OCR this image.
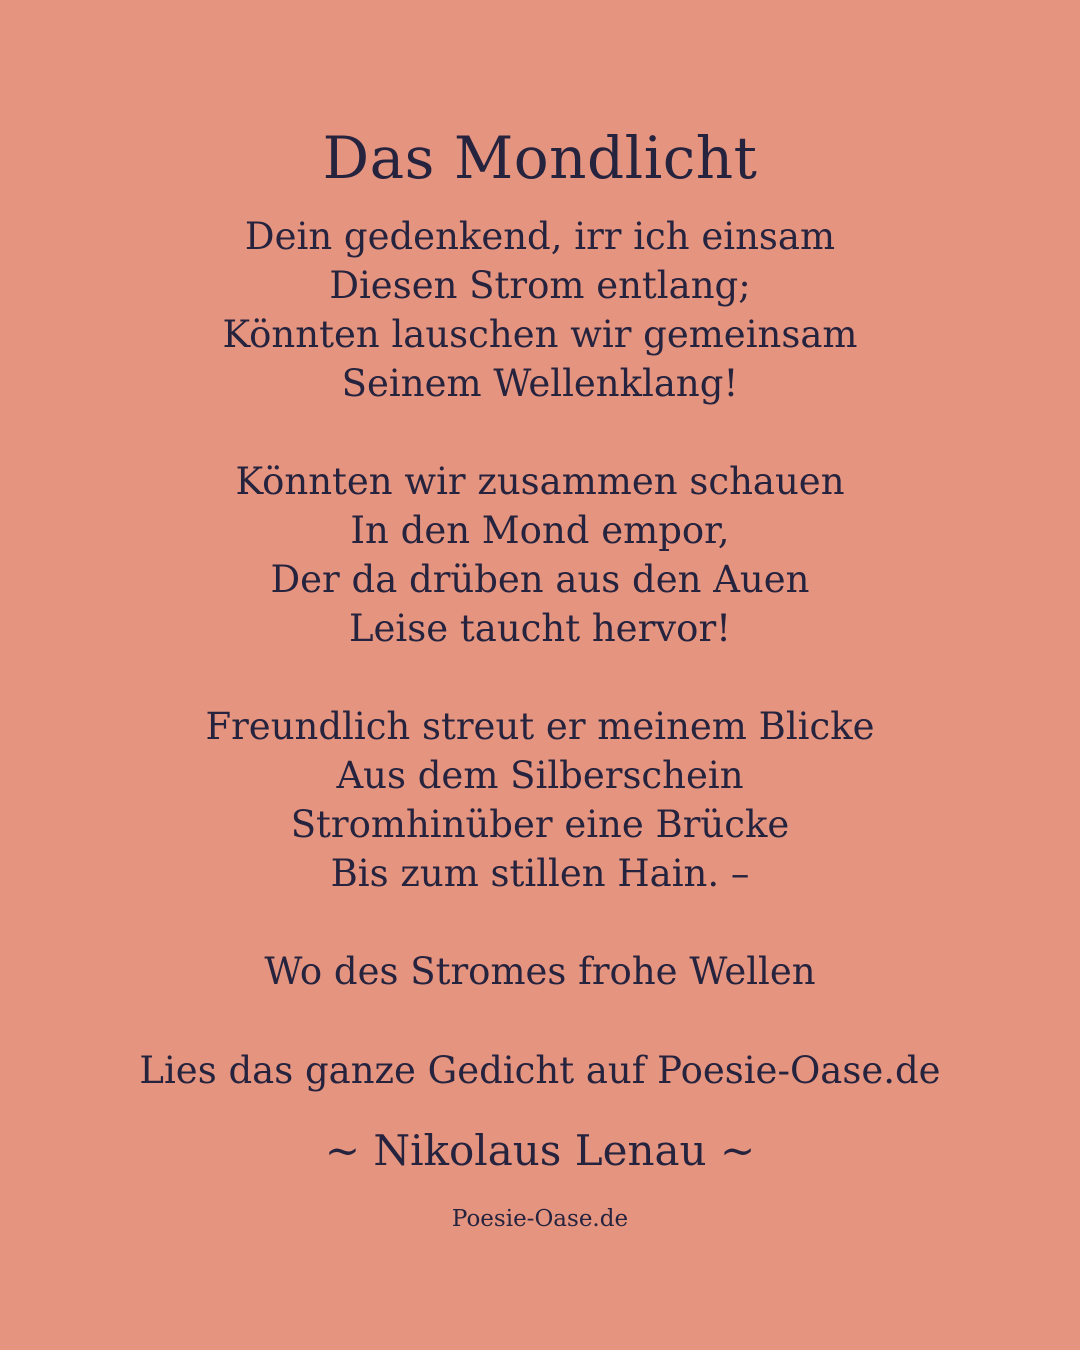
Das Mondlicht
Dein gedenkend, irr ich einsam
Diesen Strom entlang;
Könnten lauschen wir gemeinsam
Seinem Wellenklang!
Könnten wir zusammen schauen
In den Mond empor,
Der da drüben aus den Auen
Leise taucht hervor!
Freundlich streut er meinem Blicke
Aus dem Silberschein
Stromhinüber eine Brücke
Bis zum stillen Hain. –
Wo des Stromes frohe Wellen
Lies das ganze Gedicht auf Poesie-Oase.de
~ Nikolaus Lenau ~
Poesie-Oase.de
